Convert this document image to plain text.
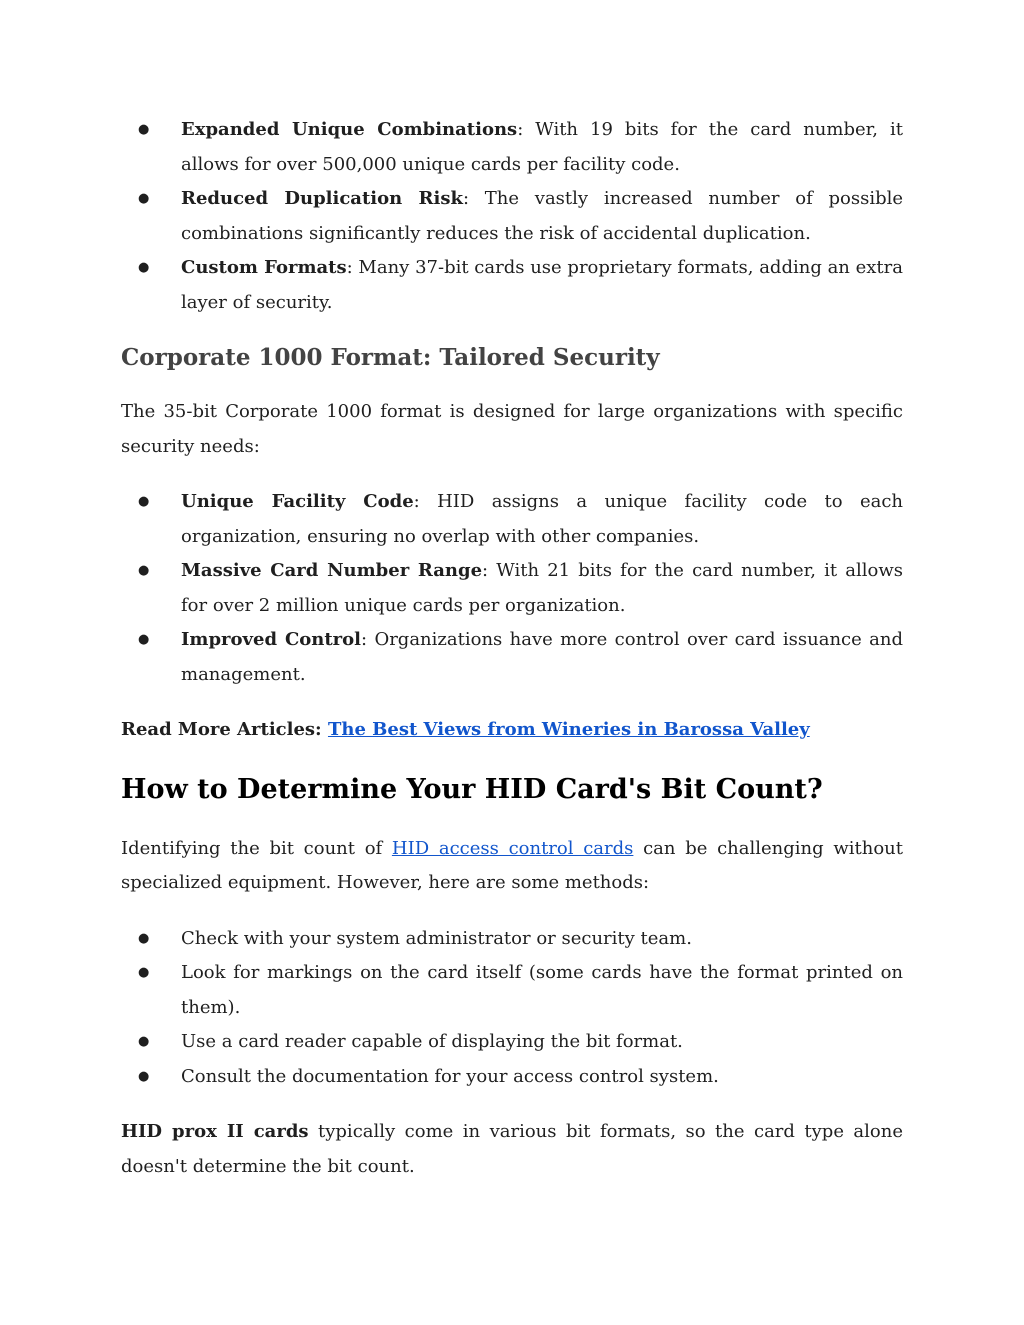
● Expanded Unique Combinations: With 19 bits for the card number, it allows for over 500,000 unique cards per facility code.
● Reduced Duplication Risk: The vastly increased number of possible combinations significantly reduces the risk of accidental duplication.
● Custom Formats: Many 37-bit cards use proprietary formats, adding an extra layer of security.
Corporate 1000 Format: Tailored Security

The 35-bit Corporate 1000 format is designed for large organizations with specific security needs:

● Unique Facility Code: HID assigns a unique facility code to each organization, ensuring no overlap with other companies.
● Massive Card Number Range: With 21 bits for the card number, it allows for over 2 million unique cards per organization.
● Improved Control: Organizations have more control over card issuance and management.

Read More Articles: The Best Views from Wineries in Barossa Valley

How to Determine Your HID Card's Bit Count?

Identifying the bit count of HID access control cards can be challenging without specialized equipment. However, here are some methods:

● Check with your system administrator or security team.
● Look for markings on the card itself (some cards have the format printed on them).
● Use a card reader capable of displaying the bit format.
● Consult the documentation for your access control system.

HID prox II cards typically come in various bit formats, so the card type alone doesn't determine the bit count.
